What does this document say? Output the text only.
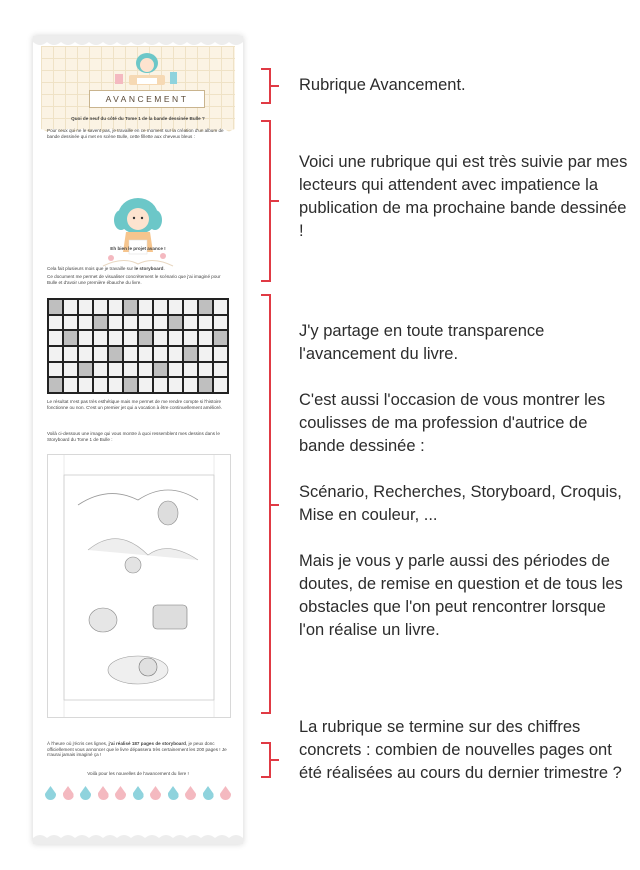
AVANCEMENT
Quoi de neuf du côté du Tome 1 de la bande dessinée Bulle ?
Pour ceux qui ne le savent pas, je travaille en ce moment sur la création d'un album de bande dessinée qui met en scène Bulle, cette fillette aux cheveux bleus :
Eh bien le projet avance !
Cela fait plusieurs mois que je travaille sur le storyboard.
Ce document me permet de visualiser concrètement le scénario que j'ai imaginé pour Bulle et d'avoir une première ébauche du livre.
Le résultat n'est pas très esthétique mais me permet de me rendre compte si l'histoire fonctionne ou non. C'est un premier jet qui a vocation à être continuellement amélioré.
Voilà ci-dessous une image qui vous montre à quoi ressemblent mes dessins dans le Storyboard du Tome 1 de Bulle :
À l'heure où j'écris ces lignes, j'ai réalisé 187 pages de storyboard, je peux donc officiellement vous annoncer que le livre dépassera très certainement les 200 pages ! Je n'aurai jamais imaginé ça !
Voilà pour les nouvelles de l'avancement du livre !
Rubrique Avancement.
Voici une rubrique qui est très suivie par mes lecteurs qui attendent avec impatience la publication de ma prochaine bande dessinée !

J'y partage en toute transparence l'avancement du livre.

C'est aussi l'occasion de vous montrer les coulisses de ma profession d'autrice de bande dessinée :

Scénario, Recherches, Storyboard, Croquis, Mise en couleur, ...

Mais je vous y parle aussi des périodes de doutes, de remise en question et de tous les obstacles que l'on peut rencontrer lorsque l'on réalise un livre.

La rubrique se termine sur des chiffres concrets : combien de nouvelles pages ont été réalisées au cours du dernier trimestre ?
